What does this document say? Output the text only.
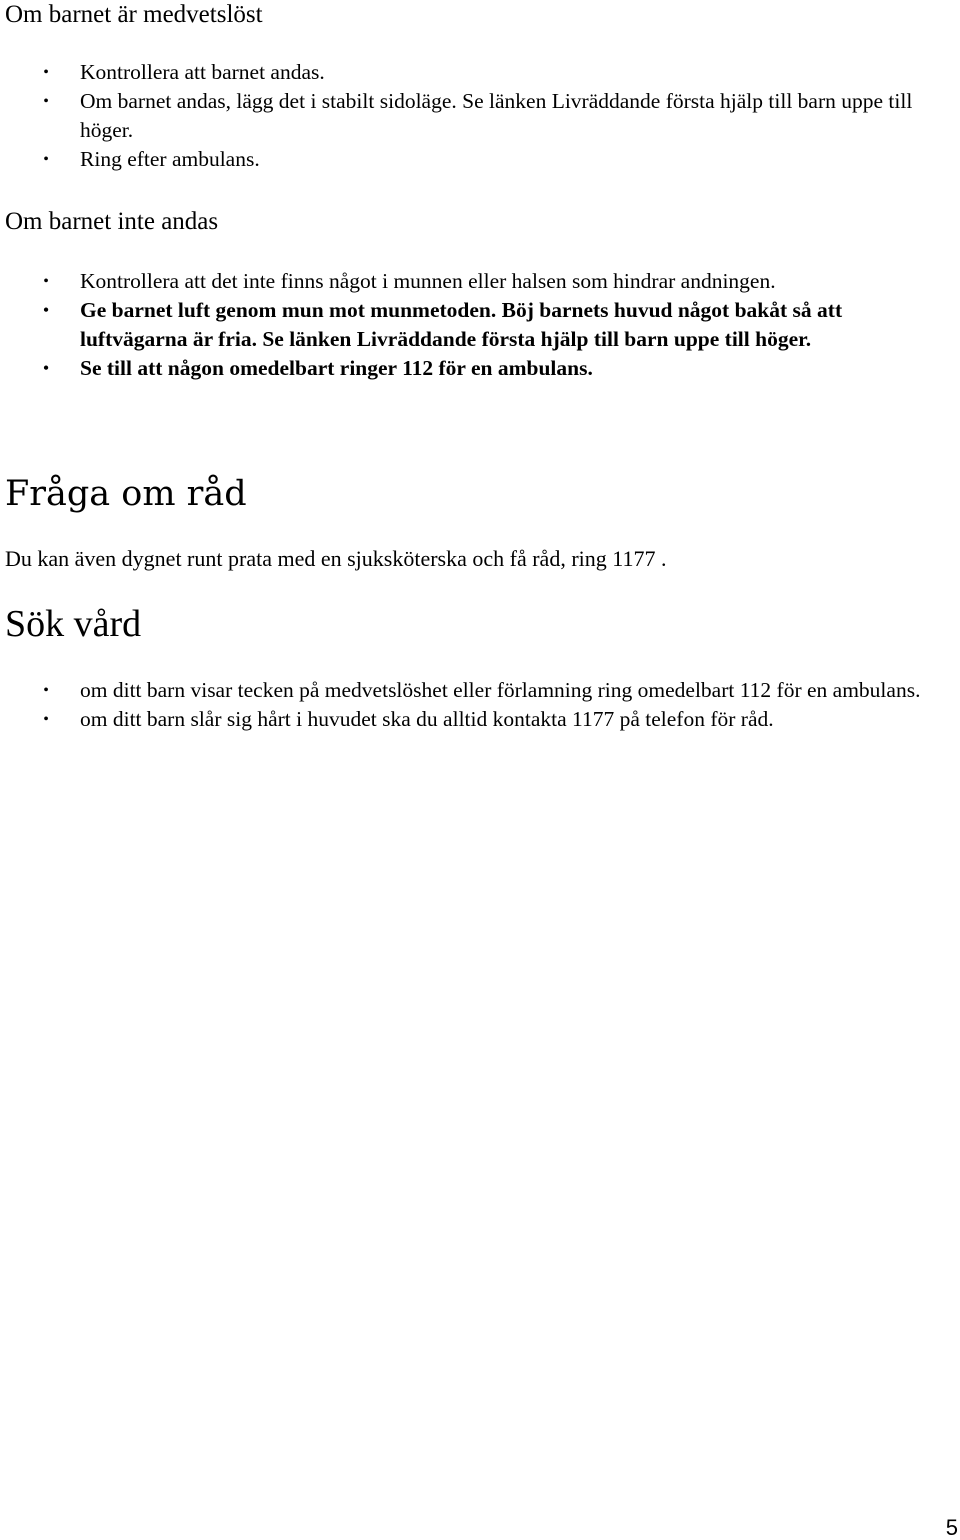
Om barnet är medvetslöst
• Kontrollera att barnet andas.
• Om barnet andas, lägg det i stabilt sidoläge. Se länken Livräddande första hjälp till barn uppe till höger.
• Ring efter ambulans.
Om barnet inte andas
• Kontrollera att det inte finns något i munnen eller halsen som hindrar andningen.
• Ge barnet luft genom mun mot munmetoden. Böj barnets huvud något bakåt så att luftvägarna är fria. Se länken Livräddande första hjälp till barn uppe till höger.
• Se till att någon omedelbart ringer 112 för en ambulans.
Fråga om råd

Du kan även dygnet runt prata med en sjuksköterska och få råd, ring 1177 .

Sök vård
• om ditt barn visar tecken på medvetslöshet eller förlamning ring omedelbart 112 för en ambulans.
• om ditt barn slår sig hårt i huvudet ska du alltid kontakta 1177 på telefon för råd.
5
